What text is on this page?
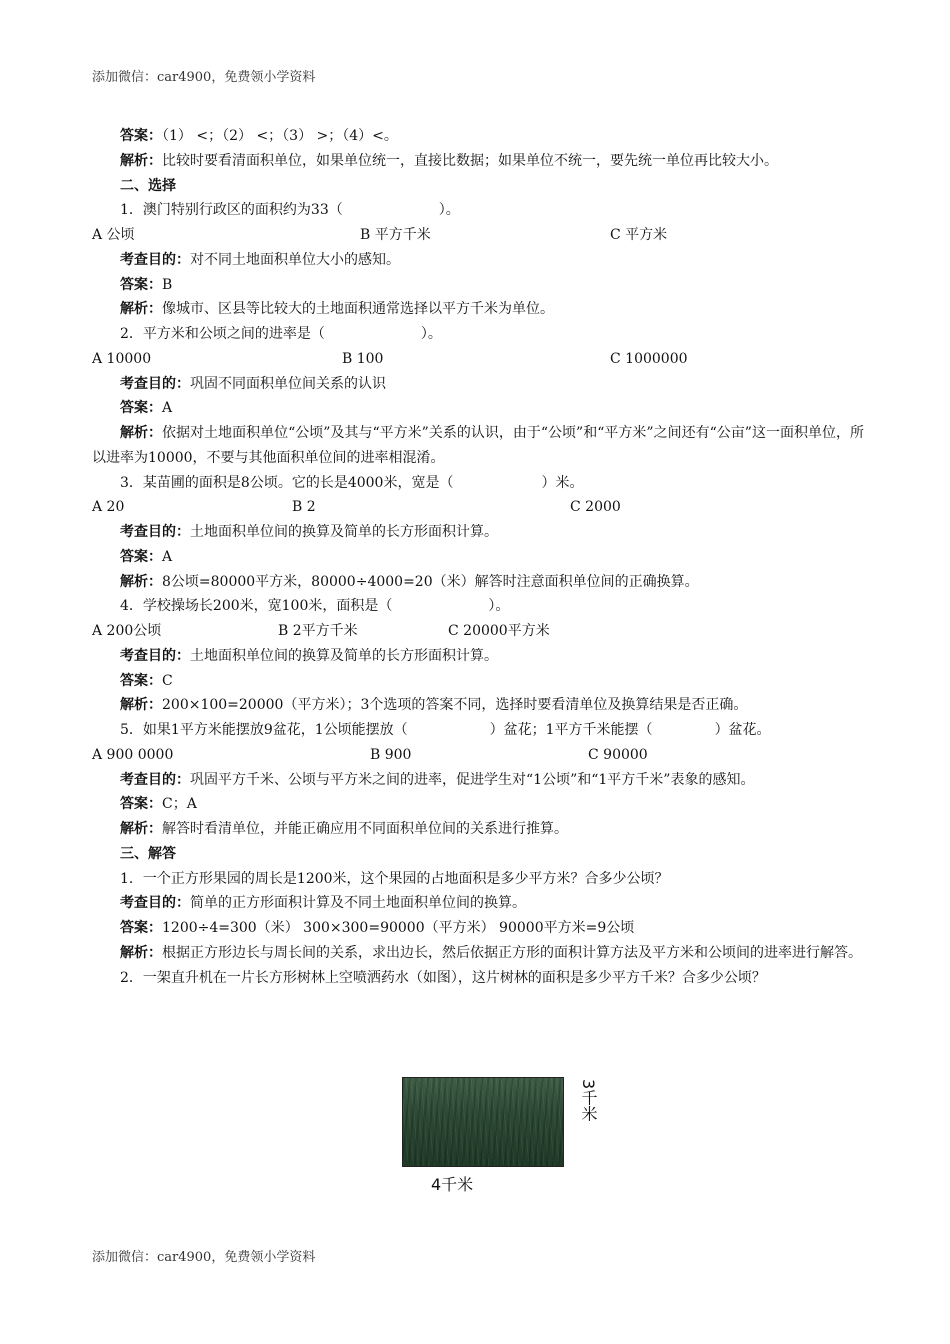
添加微信：car4900，免费领小学资料
答案：（1） <；（2） <；（3） >；（4）<。
解析：比较时要看清面积单位，如果单位统一，直接比数据；如果单位不统一，要先统一单位再比较大小。
二、选择
1．澳门特别行政区的面积约为33（	）。
A 公顷	B 平方千米	C 平方米
考查目的：对不同土地面积单位大小的感知。
答案：B
解析：像城市、区县等比较大的土地面积通常选择以平方千米为单位。
2．平方米和公顷之间的进率是（	）。
A 10000	B 100	C 1000000
考查目的：巩固不同面积单位间关系的认识
答案：A
解析：依据对土地面积单位“公顷”及其与“平方米”关系的认识，由于“公顷”和“平方米”之间还有“公亩”这一面积单位，所以进率为10000，不要与其他面积单位间的进率相混淆。
3．某苗圃的面积是8公顷。它的长是4000米，宽是（	）米。
A 20	B 2	C 2000
考查目的：土地面积单位间的换算及简单的长方形面积计算。
答案：A
解析：8公顷=80000平方米，80000÷4000=20（米）解答时注意面积单位间的正确换算。
4．学校操场长200米，宽100米，面积是（	）。
A 200公顷	B 2平方千米	C 20000平方米
考查目的：土地面积单位间的换算及简单的长方形面积计算。
答案：C
解析：200×100=20000（平方米）；3个选项的答案不同，选择时要看清单位及换算结果是否正确。
5．如果1平方米能摆放9盆花，1公顷能摆放（	）盆花；1平方千米能摆（	）盆花。
A 900 0000	B 900	C 90000
考查目的：巩固平方千米、公顷与平方米之间的进率，促进学生对“1公顷”和“1平方千米”表象的感知。
答案：C；A
解析：解答时看清单位，并能正确应用不同面积单位间的关系进行推算。
三、解答
1．一个正方形果园的周长是1200米，这个果园的占地面积是多少平方米？合多少公顷？
考查目的：简单的正方形面积计算及不同土地面积单位间的换算。
答案：1200÷4=300（米） 300×300=90000（平方米） 90000平方米=9公顷
解析：根据正方形边长与周长间的关系，求出边长，然后依据正方形的面积计算方法及平方米和公顷间的进率进行解答。
2．一架直升机在一片长方形树林上空喷洒药水（如图），这片树林的面积是多少平方千米？合多少公顷？
3千米
4千米
添加微信：car4900，免费领小学资料
